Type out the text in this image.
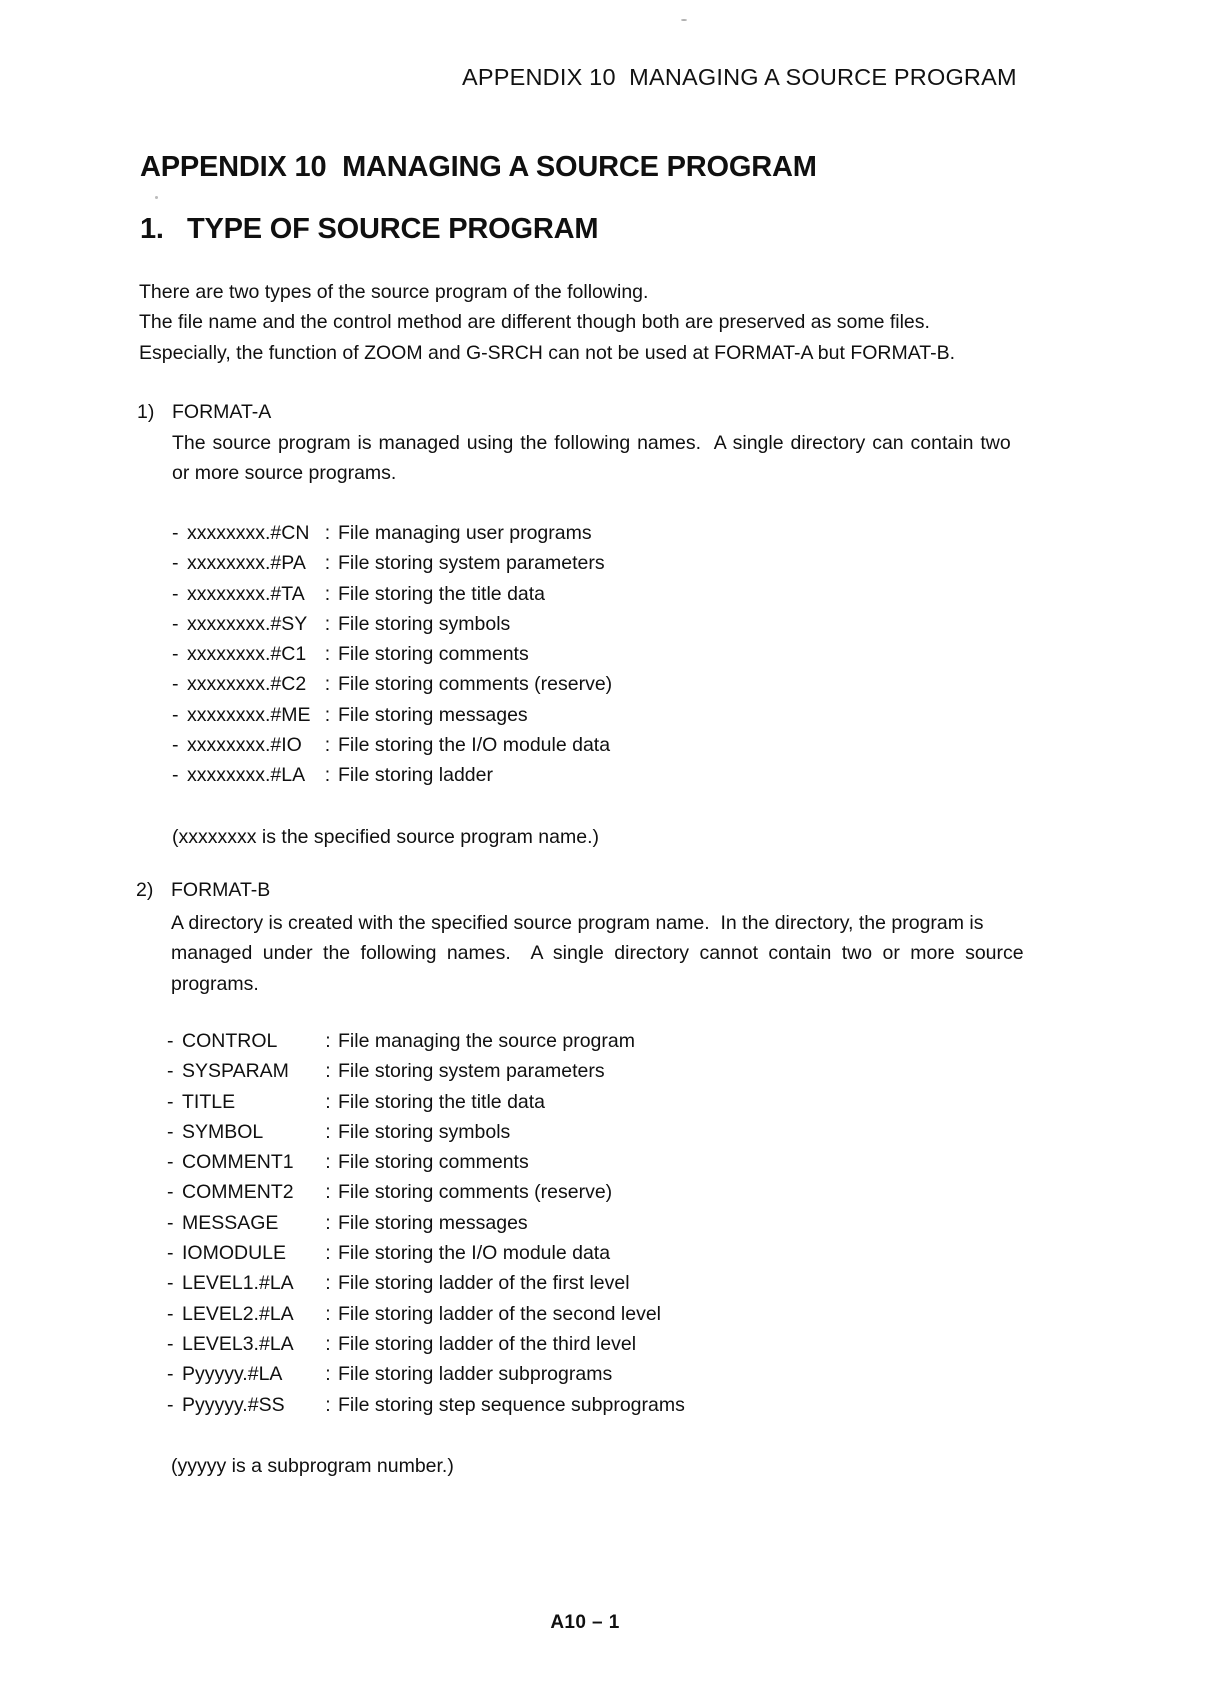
APPENDIX 10  MANAGING A SOURCE PROGRAM
APPENDIX 10  MANAGING A SOURCE PROGRAM
1. TYPE OF SOURCE PROGRAM
There are two types of the source program of the following.
The file name and the control method are different though both are preserved as some files.
Especially, the function of ZOOM and G-SRCH can not be used at FORMAT-A but FORMAT-B.
1) FORMAT-A
The source program is managed using the following names.  A single directory can contain two
or more source programs.
- xxxxxxxx.#CN : File managing user programs
- xxxxxxxx.#PA : File storing system parameters
- xxxxxxxx.#TA	: File storing the title data
- xxxxxxxx.#SY : File storing symbols
- xxxxxxxx.#C1 : File storing comments
- xxxxxxxx.#C2 : File storing comments (reserve)
- xxxxxxxx.#ME : File storing messages
- xxxxxxxx.#IO	: File storing the I/O module data
- xxxxxxxx.#LA	: File storing ladder
(xxxxxxxx is the specified source program name.)
2) FORMAT-B
A directory is created with the specified source program name.  In the directory, the program is
managed under the following names.  A single directory cannot contain two or more source
programs.
- CONTROL	: File managing the source program
- SYSPARAM	: File storing system parameters
- TITLE	: File storing the title data
- SYMBOL	: File storing symbols
- COMMENT1	: File storing comments
- COMMENT2	: File storing comments (reserve)
- MESSAGE	: File storing messages
- IOMODULE	: File storing the I/O module data
- LEVEL1.#LA	: File storing ladder of the first level
- LEVEL2.#LA	: File storing ladder of the second level
- LEVEL3.#LA	: File storing ladder of the third level
- Pyyyyy.#LA	: File storing ladder subprograms
- Pyyyyy.#SS	: File storing step sequence subprograms
(yyyyy is a subprogram number.)
A10 – 1
